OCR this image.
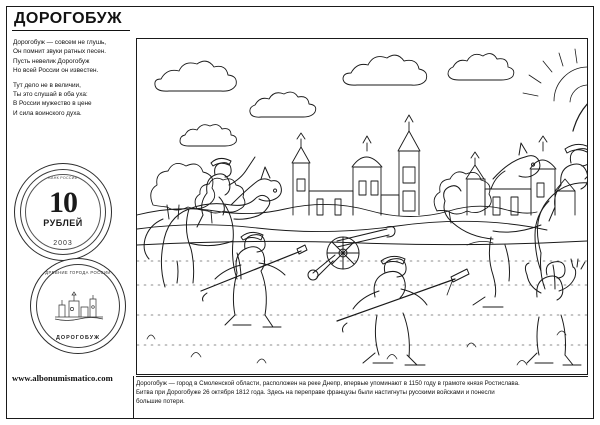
ДОРОГОБУЖ
Дорогобуж — совсем не глушь,
Он помнит звуки ратных песен.
Пусть невелик Дорогобуж
Но всей России он известен.
Тут дело не в величии,
Ты это слушай в оба уха:
В России мужество в цене
И сила воинского духа.
БАНК РОССИИ
10
РУБЛЕЙ
2003
ДРЕВНИЕ ГОРОДА РОССИИ
ДОРОГОБУЖ
www.albonumismatico.com
Дорогобуж — город в Смоленской области, расположен на реке Днепр, впервые упоминают в 1150 году в грамоте князя Ростислава.
Битва при Дорогобуже 26 октября 1812 года. Здесь на переправе французы были настигнуты русскими войсками и понесли
большие потери.
